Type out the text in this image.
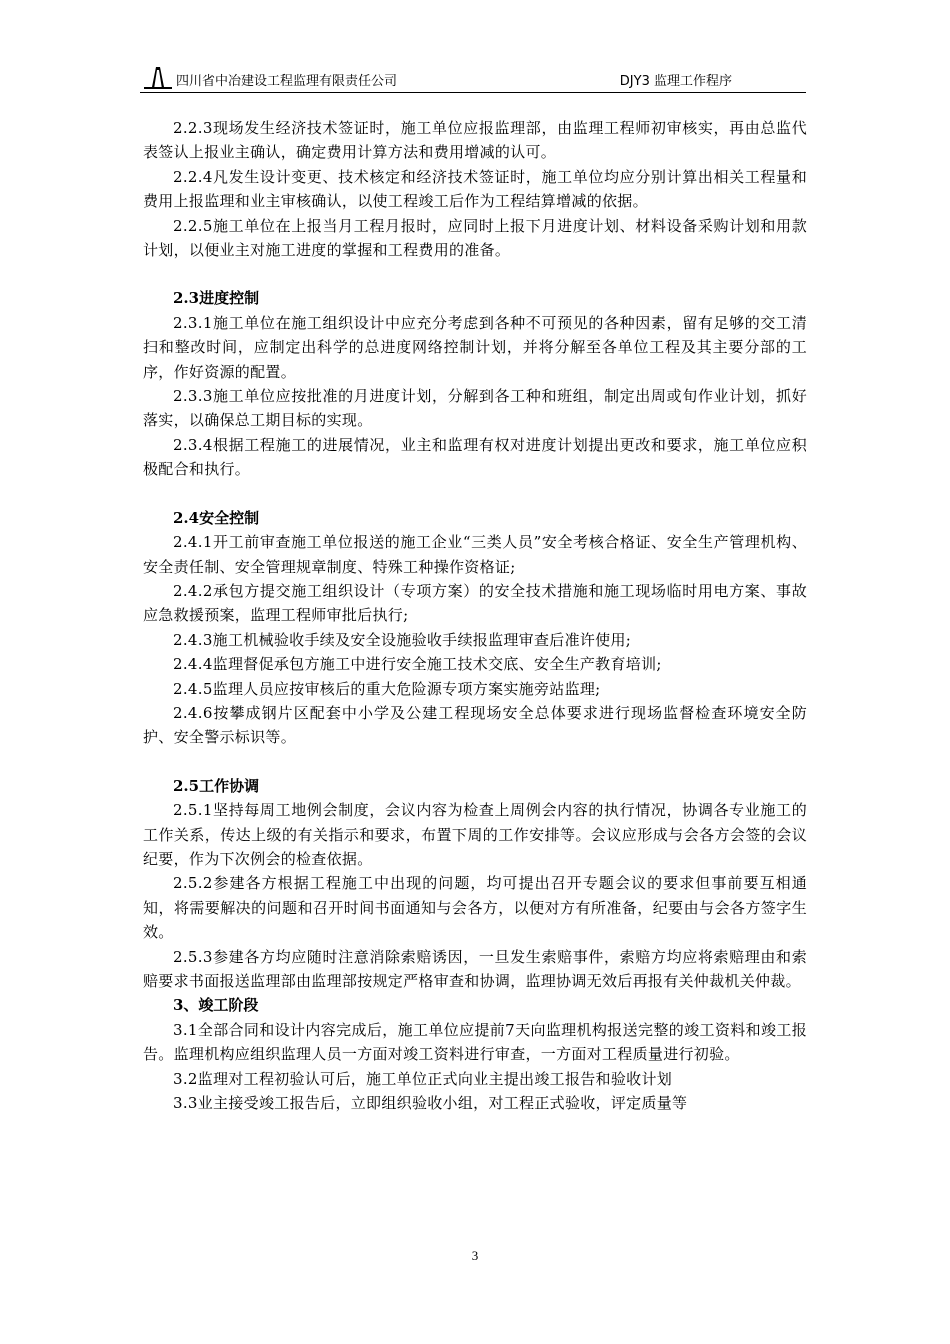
四川省中冶建设工程监理有限责任公司	DJY3 监理工作程序

2.2.3现场发生经济技术签证时，施工单位应报监理部，由监理工程师初审核实，再由总监代表签认上报业主确认，确定费用计算方法和费用增减的认可。

2.2.4凡发生设计变更、技术核定和经济技术签证时，施工单位均应分别计算出相关工程量和费用上报监理和业主审核确认，以使工程竣工后作为工程结算增减的依据。

2.2.5施工单位在上报当月工程月报时，应同时上报下月进度计划、材料设备采购计划和用款计划，以便业主对施工进度的掌握和工程费用的准备。

2.3进度控制

2.3.1施工单位在施工组织设计中应充分考虑到各种不可预见的各种因素，留有足够的交工清扫和整改时间，应制定出科学的总进度网络控制计划，并将分解至各单位工程及其主要分部的工序，作好资源的配置。

2.3.3施工单位应按批准的月进度计划，分解到各工种和班组，制定出周或旬作业计划，抓好落实，以确保总工期目标的实现。

2.3.4根据工程施工的进展情况，业主和监理有权对进度计划提出更改和要求，施工单位应积极配合和执行。

2.4安全控制

2.4.1开工前审查施工单位报送的施工企业“三类人员”安全考核合格证、安全生产管理机构、安全责任制、安全管理规章制度、特殊工种操作资格证;

2.4.2承包方提交施工组织设计（专项方案）的安全技术措施和施工现场临时用电方案、事故应急救援预案，监理工程师审批后执行;

2.4.3施工机械验收手续及安全设施验收手续报监理审查后准许使用;

2.4.4监理督促承包方施工中进行安全施工技术交底、安全生产教育培训;

2.4.5监理人员应按审核后的重大危险源专项方案实施旁站监理;

2.4.6按攀成钢片区配套中小学及公建工程现场安全总体要求进行现场监督检查环境安全防护、安全警示标识等。

2.5工作协调

2.5.1坚持每周工地例会制度，会议内容为检查上周例会内容的执行情况，协调各专业施工的工作关系，传达上级的有关指示和要求，布置下周的工作安排等。会议应形成与会各方会签的会议纪要，作为下次例会的检查依据。

2.5.2参建各方根据工程施工中出现的问题，均可提出召开专题会议的要求但事前要互相通知，将需要解决的问题和召开时间书面通知与会各方，以便对方有所准备，纪要由与会各方签字生效。

2.5.3参建各方均应随时注意消除索赔诱因，一旦发生索赔事件，索赔方均应将索赔理由和索赔要求书面报送监理部由监理部按规定严格审查和协调，监理协调无效后再报有关仲裁机关仲裁。

3、竣工阶段

3.1全部合同和设计内容完成后，施工单位应提前7天向监理机构报送完整的竣工资料和竣工报告。监理机构应组织监理人员一方面对竣工资料进行审查，一方面对工程质量进行初验。

3.2监理对工程初验认可后，施工单位正式向业主提出竣工报告和验收计划

3.3业主接受竣工报告后，立即组织验收小组，对工程正式验收，评定质量等

3
